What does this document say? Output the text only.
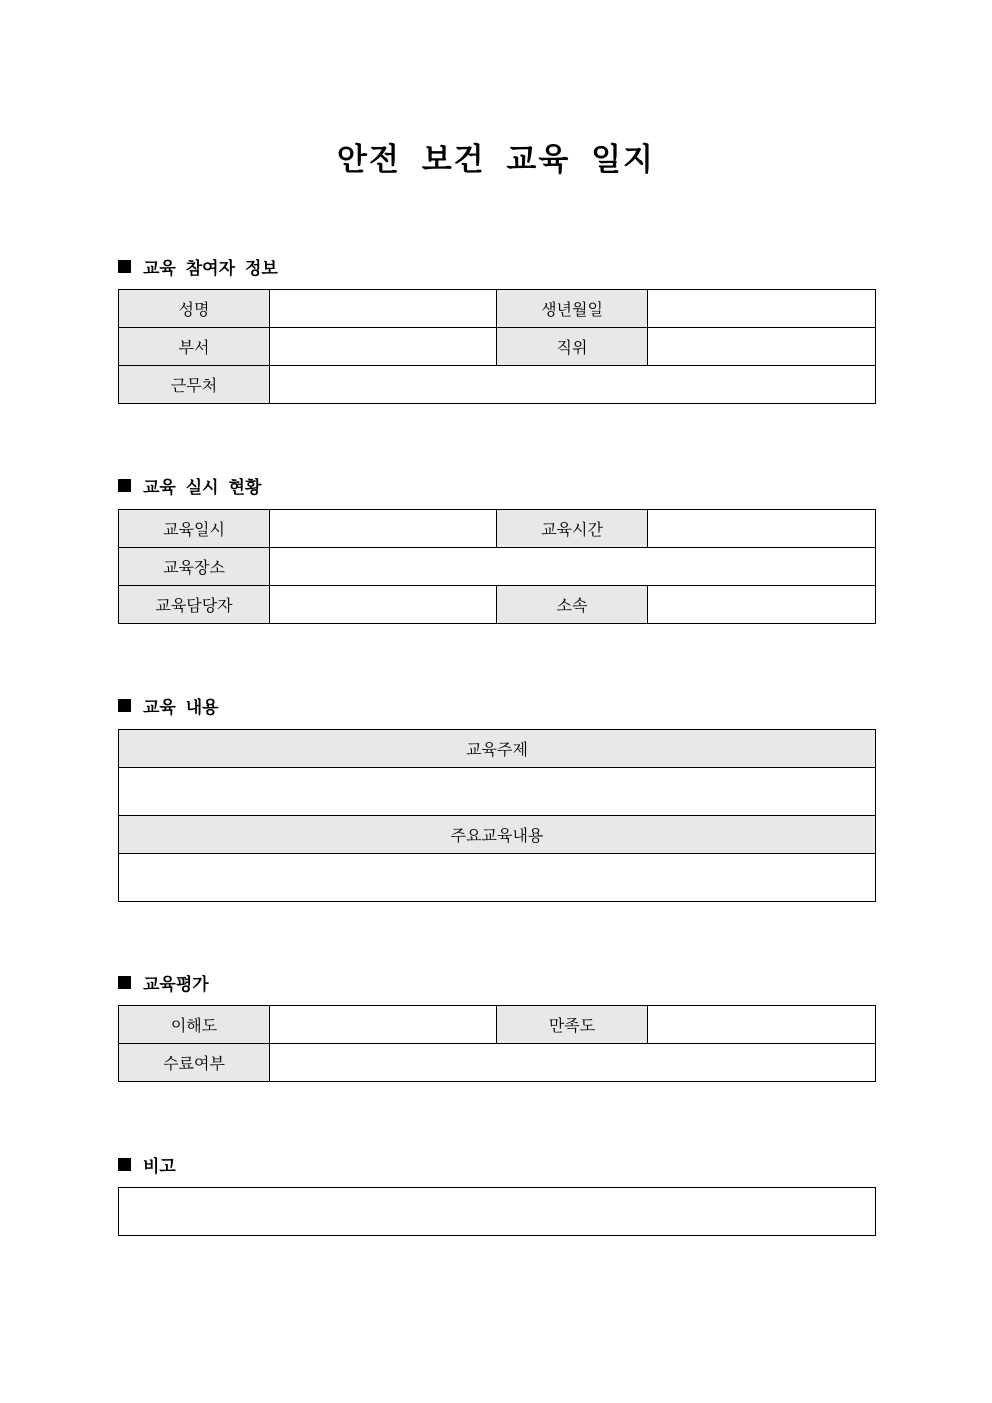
안전 보건 교육 일지
교육 참여자 정보
성명		생년월일	
부서		직위	
근무처			
교육 실시 현황
교육일시		교육시간	
교육장소			
교육담당자		소속	
교육 내용
교육주제

주요교육내용

교육평가
이해도		만족도	
수료여부			
비고
